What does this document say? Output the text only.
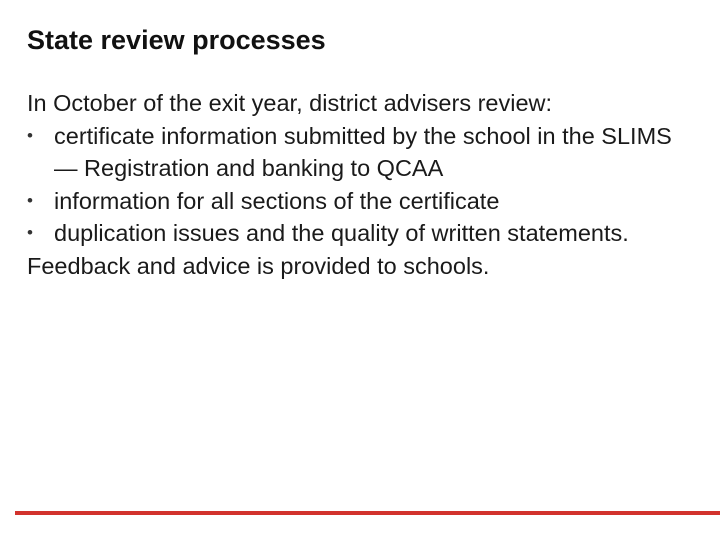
State review processes

In October of the exit year, district advisers review:

• certificate information submitted by the school in the SLIMS — Registration and banking to QCAA
• information for all sections of the certificate
• duplication issues and the quality of written statements.

Feedback and advice is provided to schools.
